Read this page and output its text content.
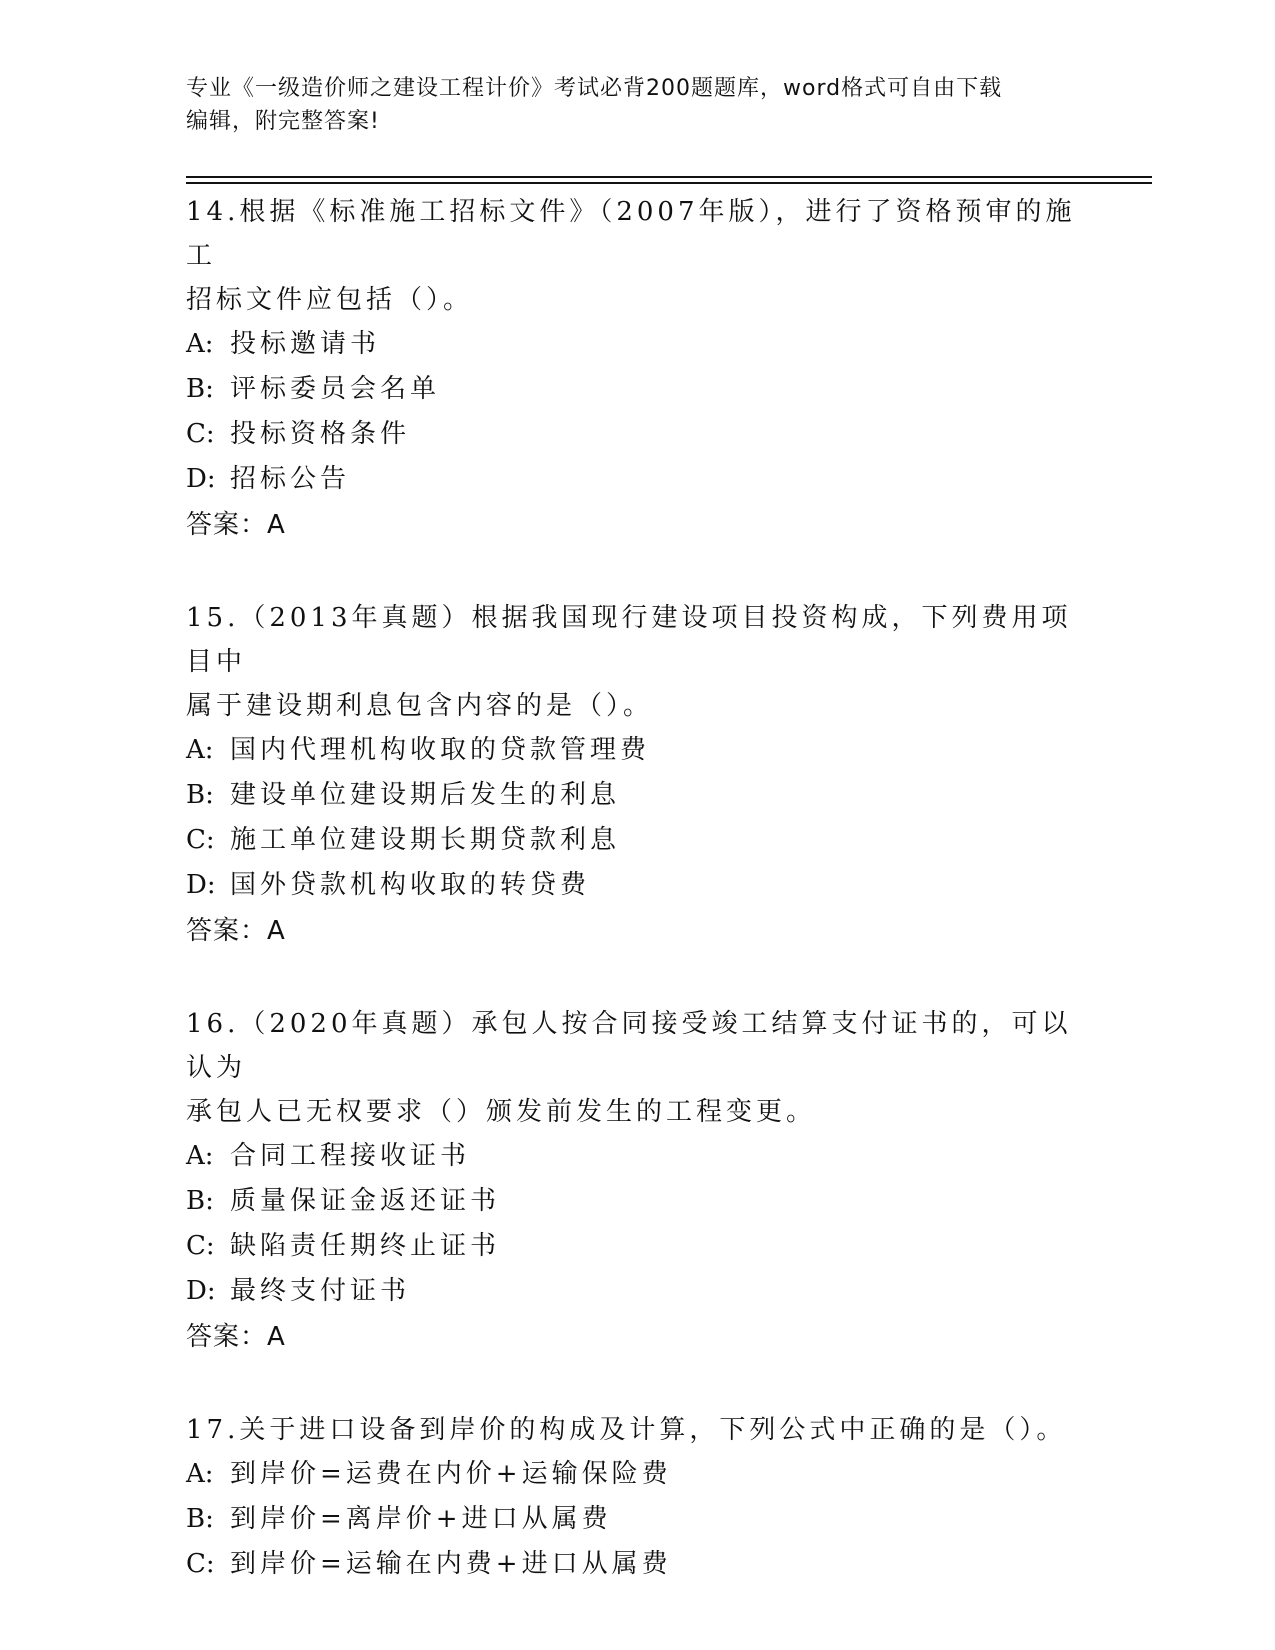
专业《一级造价师之建设工程计价》考试必背200题题库，word格式可自由下载
编辑，附完整答案!

14.根据《标准施工招标文件》（2007年版），进行了资格预审的施工

招标文件应包括（）。

A: 投标邀请书

B: 评标委员会名单

C: 投标资格条件

D: 招标公告

答案：A

15.（2013年真题）根据我国现行建设项目投资构成，下列费用项目中

属于建设期利息包含内容的是（）。

A: 国内代理机构收取的贷款管理费

B: 建设单位建设期后发生的利息

C: 施工单位建设期长期贷款利息

D: 国外贷款机构收取的转贷费

答案：A

16.（2020年真题）承包人按合同接受竣工结算支付证书的，可以认为

承包人已无权要求（）颁发前发生的工程变更。

A: 合同工程接收证书

B: 质量保证金返还证书

C: 缺陷责任期终止证书

D: 最终支付证书

答案：A

17.关于进口设备到岸价的构成及计算，下列公式中正确的是（）。

A: 到岸价=运费在内价+运输保险费

B: 到岸价=离岸价+进口从属费

C: 到岸价=运输在内费+进口从属费
